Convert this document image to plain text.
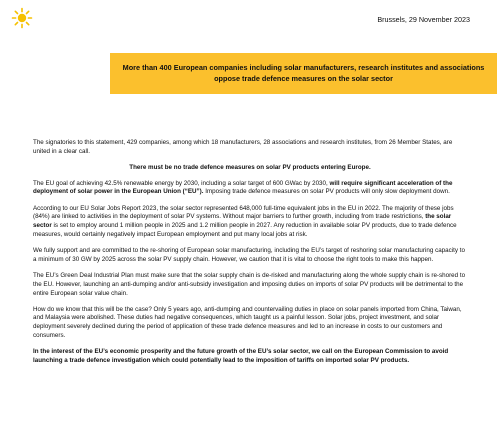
Brussels, 29 November 2023
More than 400 European companies including solar manufacturers, research institutes and associations oppose trade defence measures on the solar sector

The signatories to this statement, 429 companies, among which 18 manufacturers, 28 associations and research institutes, from 26 Member States, are united in a clear call.

There must be no trade defence measures on solar PV products entering Europe.

The EU goal of achieving 42.5% renewable energy by 2030, including a solar target of 600 GWac by 2030, will require significant acceleration of the deployment of solar power in the European Union (“EU”). Imposing trade defence measures on solar PV products will only slow deployment down.

According to our EU Solar Jobs Report 2023, the solar sector represented 648,000 full-time equivalent jobs in the EU in 2022. The majority of these jobs (84%) are linked to activities in the deployment of solar PV systems. Without major barriers to further growth, including from trade restrictions, the solar sector is set to employ around 1 million people in 2025 and 1.2 million people in 2027. Any reduction in available solar PV products, due to trade defence measures, would certainly negatively impact European employment and put many local jobs at risk.

We fully support and are committed to the re-shoring of European solar manufacturing, including the EU’s target of reshoring solar manufacturing capacity to a minimum of 30 GW by 2025 across the solar PV supply chain. However, we caution that it is vital to choose the right tools to make this happen.

The EU’s Green Deal Industrial Plan must make sure that the solar supply chain is de-risked and manufacturing along the whole supply chain is re-shored to the EU. However, launching an anti-dumping and/or anti-subsidy investigation and imposing duties on imports of solar PV products will be detrimental to the entire European solar value chain.

How do we know that this will be the case? Only 5 years ago, anti-dumping and countervailing duties in place on solar panels imported from China, Taiwan, and Malaysia were abolished. These duties had negative consequences, which taught us a painful lesson. Solar jobs, project investment, and solar deployment severely declined during the period of application of these trade defence measures and led to an increase in costs to our customers and consumers.

In the interest of the EU’s economic prosperity and the future growth of the EU’s solar sector, we call on the European Commission to avoid launching a trade defence investigation which could potentially lead to the imposition of tariffs on imported solar PV products.
